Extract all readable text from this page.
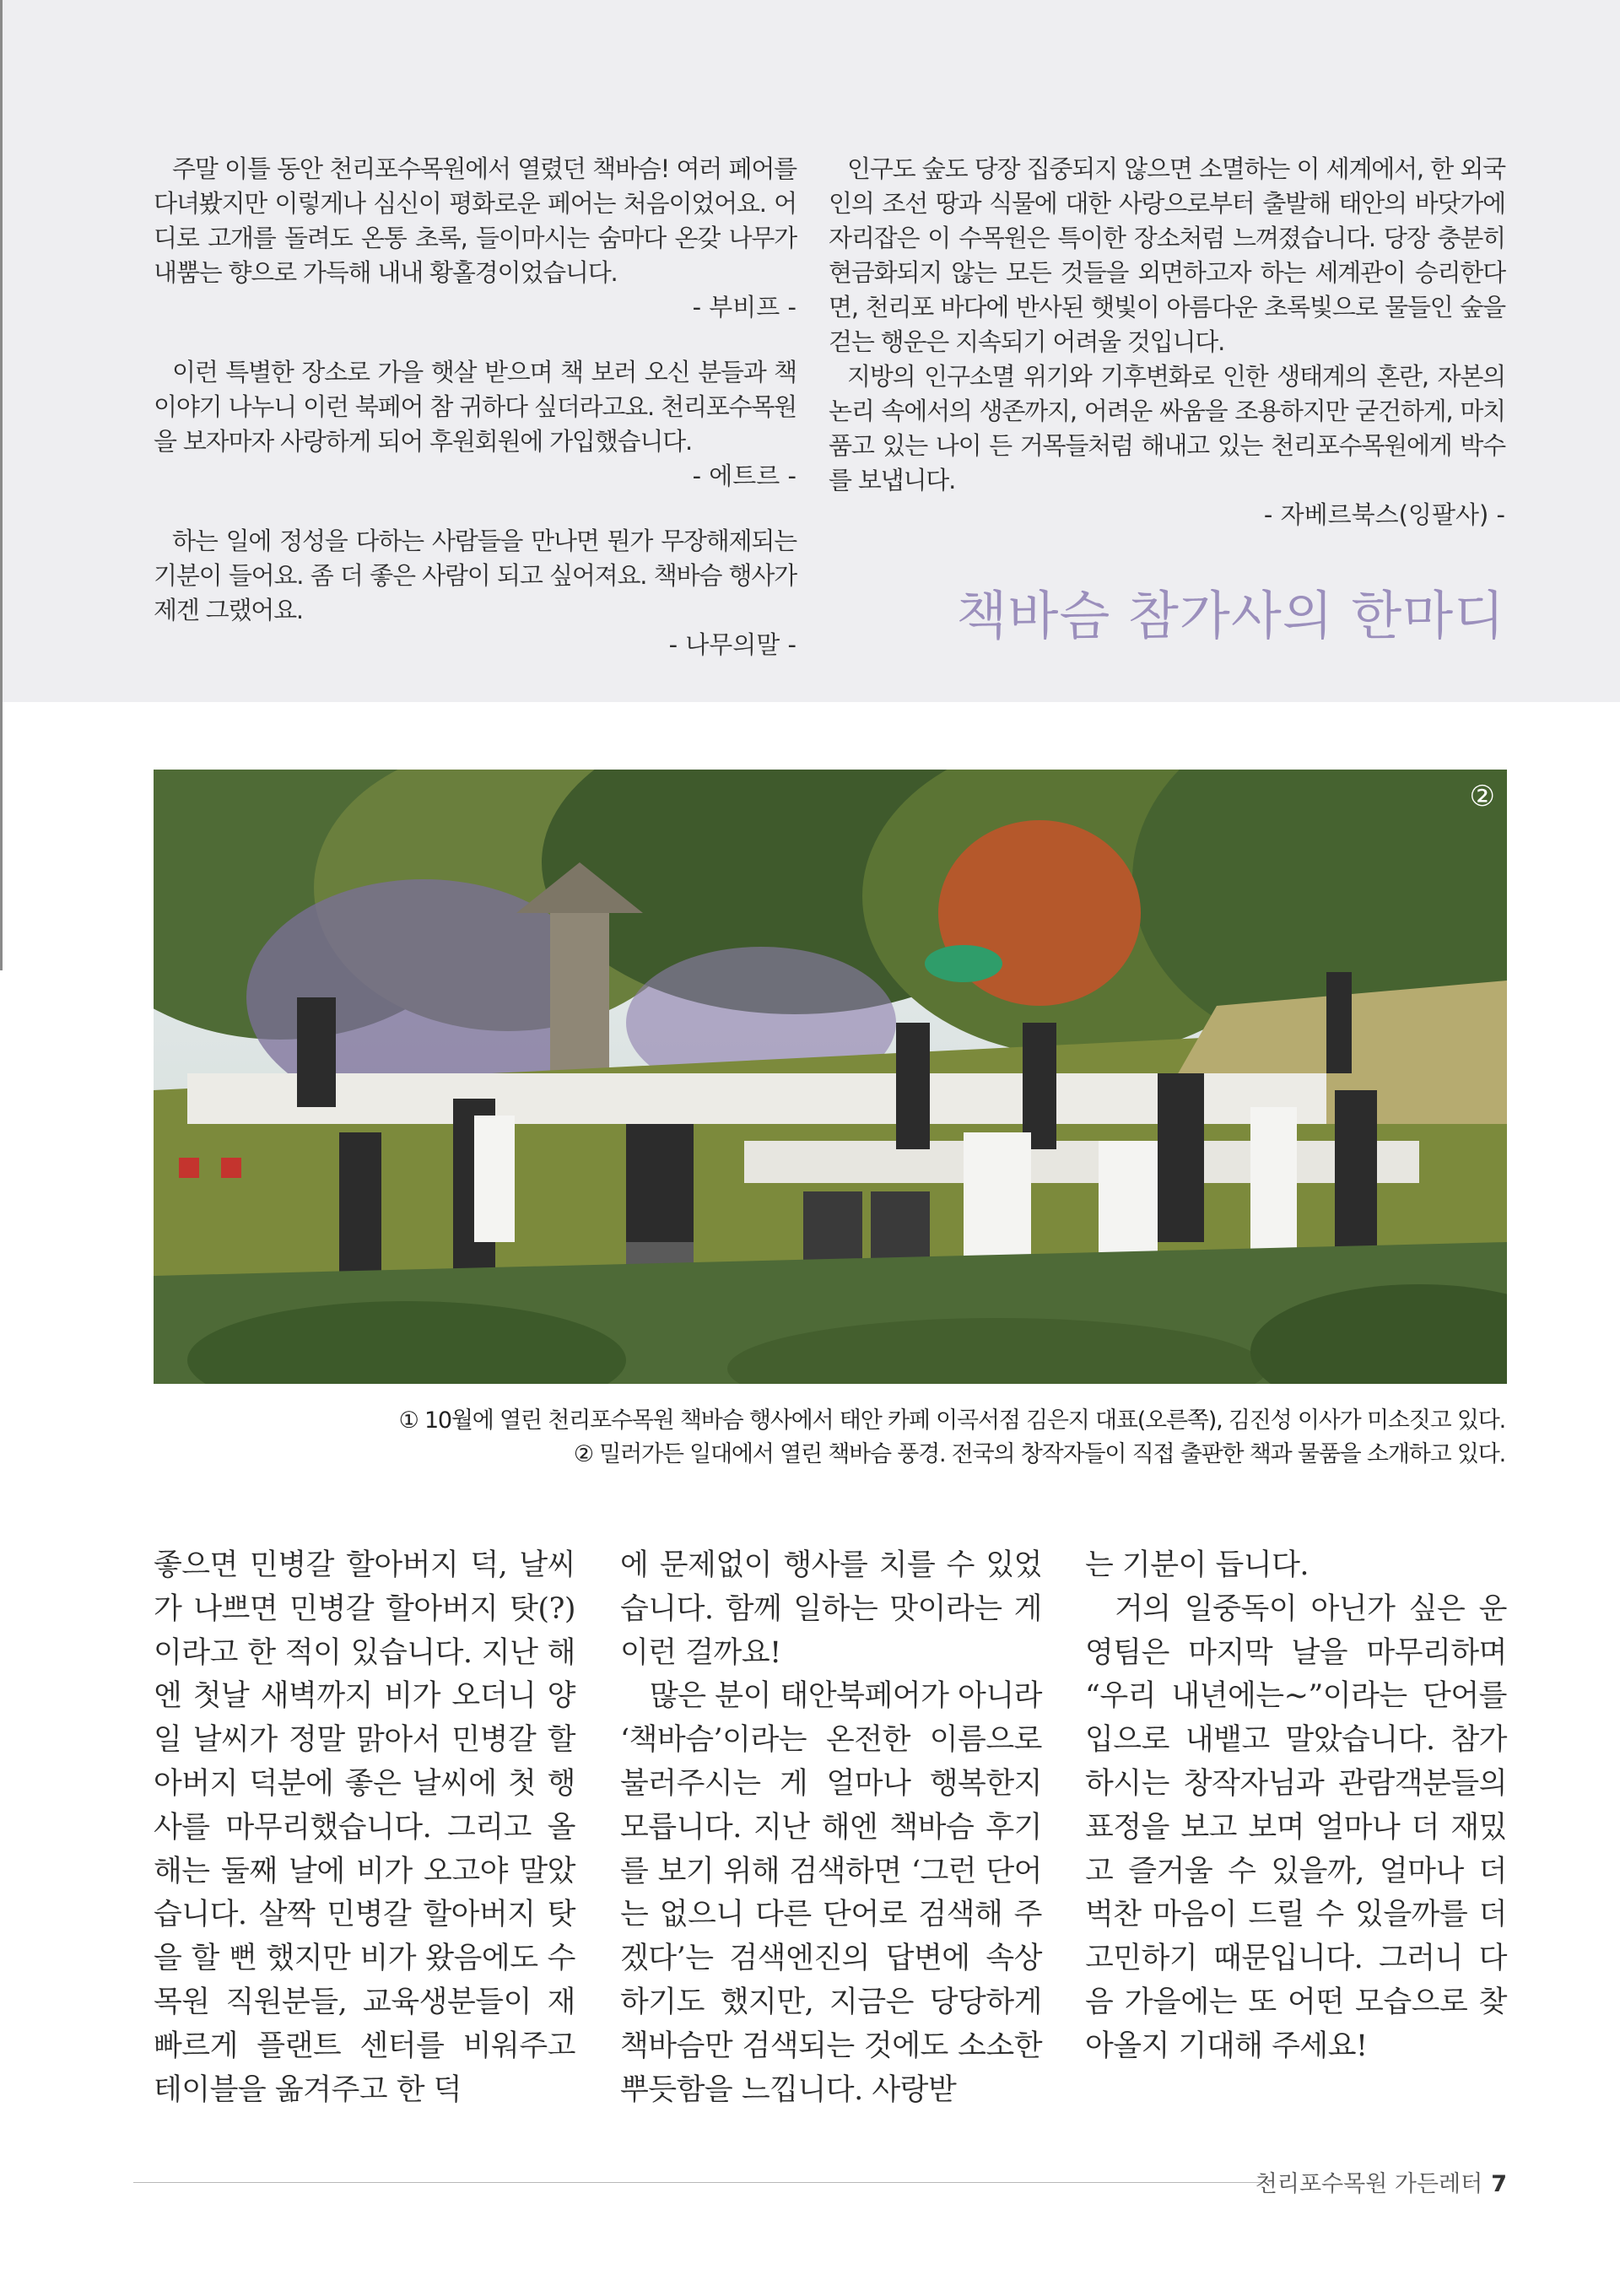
주말 이틀 동안 천리포수목원에서 열렸던 책바슴! 여러 페어를 다녀봤지만 이렇게나 심신이 평화로운 페어는 처음이었어요. 어디로 고개를 돌려도 온통 초록, 들이마시는 숨마다 온갖 나무가 내뿜는 향으로 가득해 내내 황홀경이었습니다.

- 부비프 -

이런 특별한 장소로 가을 햇살 받으며 책 보러 오신 분들과 책 이야기 나누니 이런 북페어 참 귀하다 싶더라고요. 천리포수목원을 보자마자 사랑하게 되어 후원회원에 가입했습니다.

- 에트르 -

하는 일에 정성을 다하는 사람들을 만나면 뭔가 무장해제되는 기분이 들어요. 좀 더 좋은 사람이 되고 싶어져요. 책바슴 행사가 제겐 그랬어요.

- 나무의말 -

인구도 숲도 당장 집중되지 않으면 소멸하는 이 세계에서, 한 외국인의 조선 땅과 식물에 대한 사랑으로부터 출발해 태안의 바닷가에 자리잡은 이 수목원은 특이한 장소처럼 느껴졌습니다. 당장 충분히 현금화되지 않는 모든 것들을 외면하고자 하는 세계관이 승리한다면, 천리포 바다에 반사된 햇빛이 아름다운 초록빛으로 물들인 숲을 걷는 행운은 지속되기 어려울 것입니다.

지방의 인구소멸 위기와 기후변화로 인한 생태계의 혼란, 자본의 논리 속에서의 생존까지, 어려운 싸움을 조용하지만 굳건하게, 마치 품고 있는 나이 든 거목들처럼 해내고 있는 천리포수목원에게 박수를 보냅니다.

- 자베르북스(잉팔사) -

책바슴 참가사의 한마디
②

① 10월에 열린 천리포수목원 책바슴 행사에서 태안 카페 이곡서점 김은지 대표(오른쪽), 김진성 이사가 미소짓고 있다.

② 밀러가든 일대에서 열린 책바슴 풍경. 전국의 창작자들이 직접 출판한 책과 물품을 소개하고 있다.

좋으면 민병갈 할아버지 덕, 날씨가 나쁘면 민병갈 할아버지 탓(?)이라고 한 적이 있습니다. 지난 해엔 첫날 새벽까지 비가 오더니 양일 날씨가 정말 맑아서 민병갈 할아버지 덕분에 좋은 날씨에 첫 행사를 마무리했습니다. 그리고 올해는 둘째 날에 비가 오고야 말았습니다. 살짝 민병갈 할아버지 탓을 할 뻔 했지만 비가 왔음에도 수목원 직원분들, 교육생분들이 재빠르게 플랜트 센터를 비워주고 테이블을 옮겨주고 한 덕

에 문제없이 행사를 치를 수 있었습니다. 함께 일하는 맛이라는 게 이런 걸까요!

많은 분이 태안북페어가 아니라 ‘책바슴’이라는 온전한 이름으로 불러주시는 게 얼마나 행복한지 모릅니다. 지난 해엔 책바슴 후기를 보기 위해 검색하면 ‘그런 단어는 없으니 다른 단어로 검색해 주겠다’는 검색엔진의 답변에 속상하기도 했지만, 지금은 당당하게 책바슴만 검색되는 것에도 소소한 뿌듯함을 느낍니다. 사랑받

는 기분이 듭니다.

거의 일중독이 아닌가 싶은 운영팀은 마지막 날을 마무리하며 “우리 내년에는~”이라는 단어를 입으로 내뱉고 말았습니다. 참가하시는 창작자님과 관람객분들의 표정을 보고 보며 얼마나 더 재밌고 즐거울 수 있을까, 얼마나 더 벅찬 마음이 드릴 수 있을까를 더 고민하기 때문입니다. 그러니 다음 가을에는 또 어떤 모습으로 찾아올지 기대해 주세요!

천리포수목원 가든레터 7
